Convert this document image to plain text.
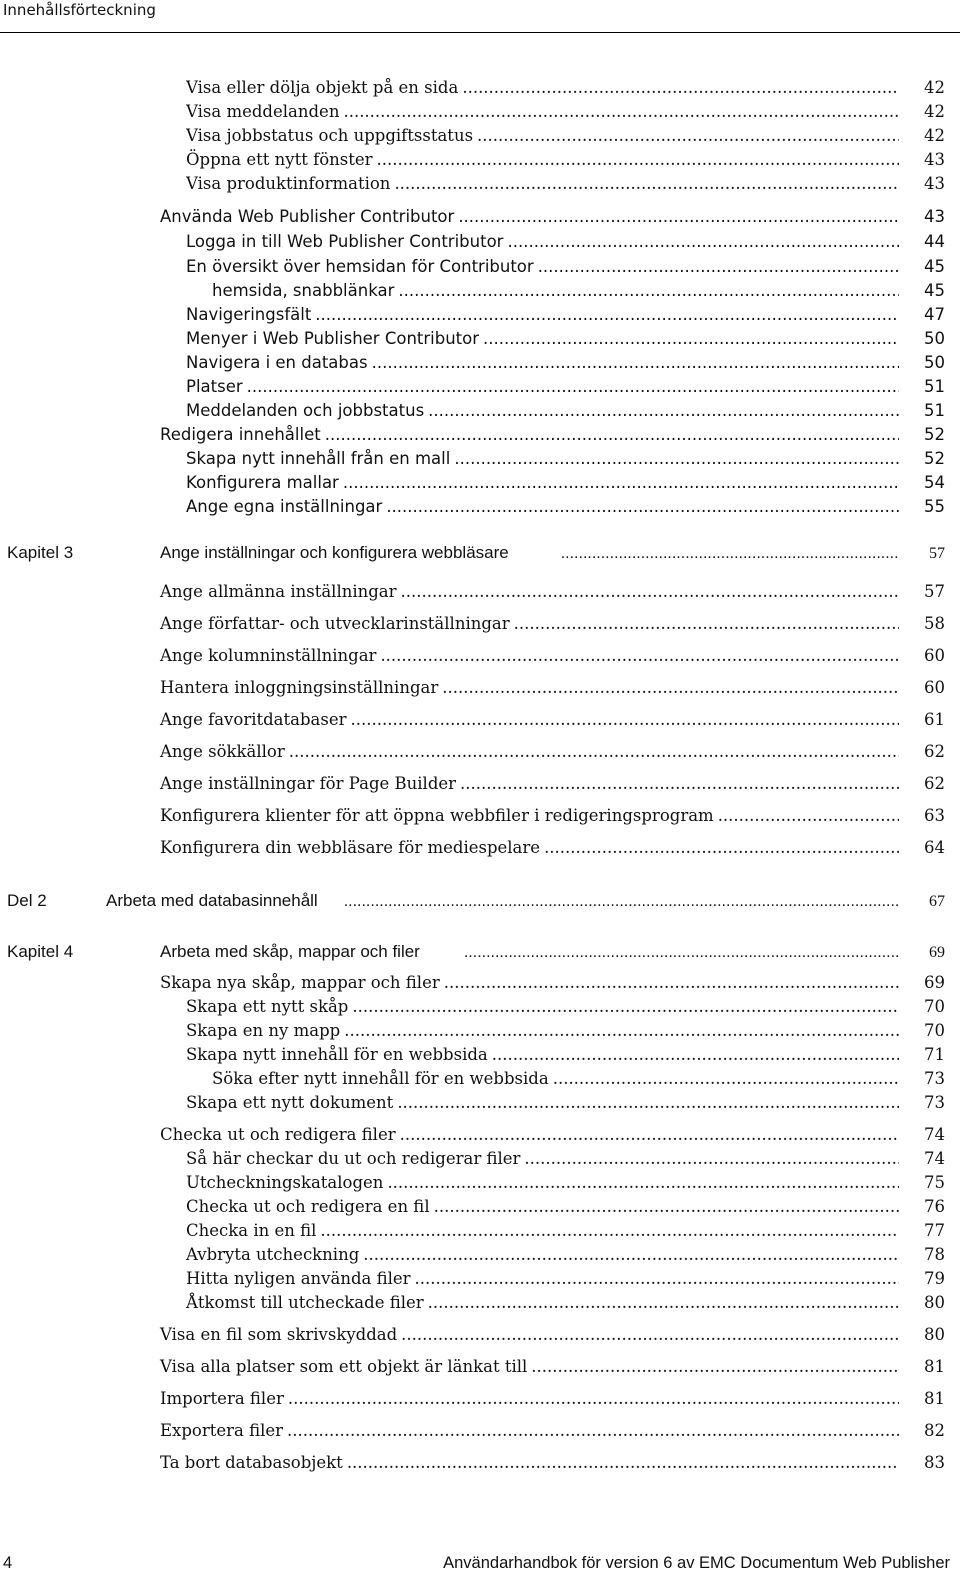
Innehållsförteckning
Visa eller dölja objekt på en sida .....	42
Visa meddelanden .....	42
Visa jobbstatus och uppgiftsstatus .....	42
Öppna ett nytt fönster .....	43
Visa produktinformation .....	43
Använda Web Publisher Contributor .....	43
Logga in till Web Publisher Contributor .....	44
En översikt över hemsidan för Contributor .....	45
hemsida, snabblänkar .....	45
Navigeringsfält .....	47
Menyer i Web Publisher Contributor .....	50
Navigera i en databas .....	50
Platser .....	51
Meddelanden och jobbstatus .....	51
Redigera innehållet .....	52
Skapa nytt innehåll från en mall .....	52
Konfigurera mallar .....	54
Ange egna inställningar .....	55
Kapitel 3	Ange inställningar och konfigurera webbläsare .....	57
Ange allmänna inställningar .....	57
Ange författar- och utvecklarinställningar .....	58
Ange kolumninställningar .....	60
Hantera inloggningsinställningar .....	60
Ange favoritdatabaser .....	61
Ange sökkällor .....	62
Ange inställningar för Page Builder .....	62
Konfigurera klienter för att öppna webbfiler i redigeringsprogram .....	63
Konfigurera din webbläsare för mediespelare .....	64
Del 2	Arbeta med databasinnehåll .....	67
Kapitel 4	Arbeta med skåp, mappar och filer .....	69
Skapa nya skåp, mappar och filer .....	69
Skapa ett nytt skåp .....	70
Skapa en ny mapp .....	70
Skapa nytt innehåll för en webbsida .....	71
Söka efter nytt innehåll för en webbsida .....	73
Skapa ett nytt dokument .....	73
Checka ut och redigera filer .....	74
Så här checkar du ut och redigerar filer .....	74
Utcheckningskatalogen .....	75
Checka ut och redigera en fil .....	76
Checka in en fil .....	77
Avbryta utcheckning .....	78
Hitta nyligen använda filer .....	79
Åtkomst till utcheckade filer .....	80
Visa en fil som skrivskyddad .....	80
Visa alla platser som ett objekt är länkat till .....	81
Importera filer .....	81
Exportera filer .....	82
Ta bort databasobjekt .....	83
4	Användarhandbok för version 6 av EMC Documentum Web Publisher
